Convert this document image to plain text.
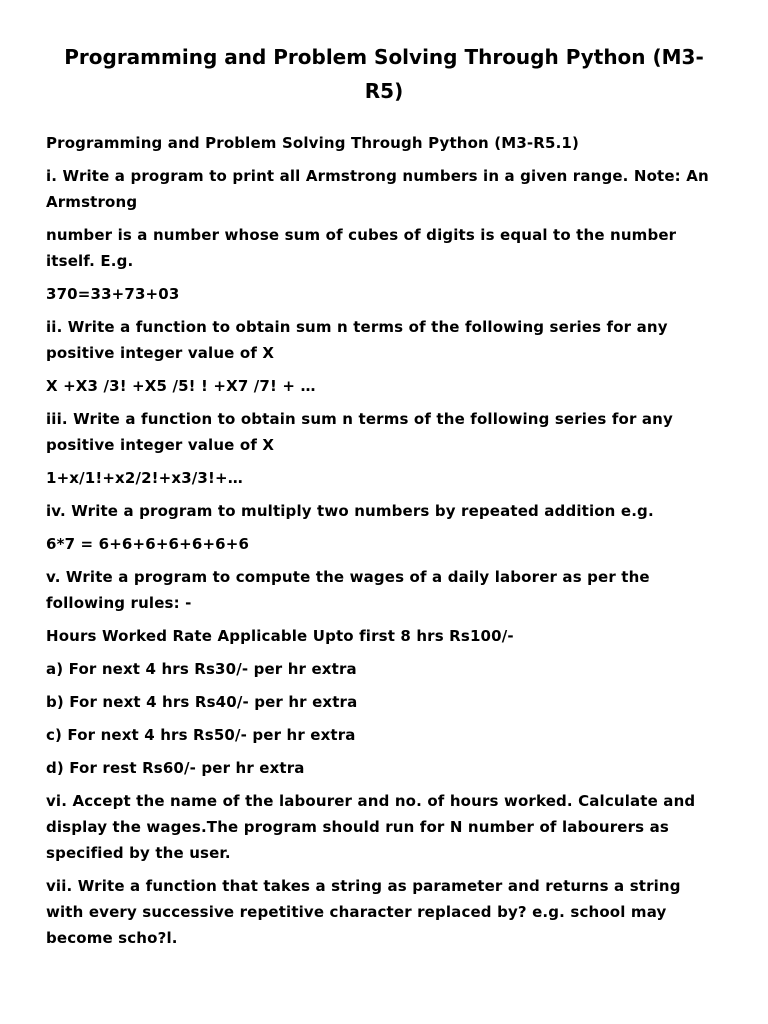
Programming and Problem Solving Through Python (M3-R5)

Programming and Problem Solving Through Python (M3-R5.1)

i. Write a program to print all Armstrong numbers in a given range. Note: An Armstrong

number is a number whose sum of cubes of digits is equal to the number itself. E.g.

370=33+73+03

ii. Write a function to obtain sum n terms of the following series for any positive integer value of X

X +X3 /3! +X5 /5! ! +X7 /7! + …

iii. Write a function to obtain sum n terms of the following series for any positive integer value of X

1+x/1!+x2/2!+x3/3!+…

iv. Write a program to multiply two numbers by repeated addition e.g.

6*7 = 6+6+6+6+6+6+6

v. Write a program to compute the wages of a daily laborer as per the following rules: -

Hours Worked Rate Applicable Upto first 8 hrs Rs100/-

a) For next 4 hrs Rs30/- per hr extra

b) For next 4 hrs Rs40/- per hr extra

c) For next 4 hrs Rs50/- per hr extra

d) For rest Rs60/- per hr extra

vi. Accept the name of the labourer and no. of hours worked. Calculate and display the wages.The program should run for N number of labourers as specified by the user.

vii. Write a function that takes a string as parameter and returns a string with every successive repetitive character replaced by? e.g. school may become scho?l.
